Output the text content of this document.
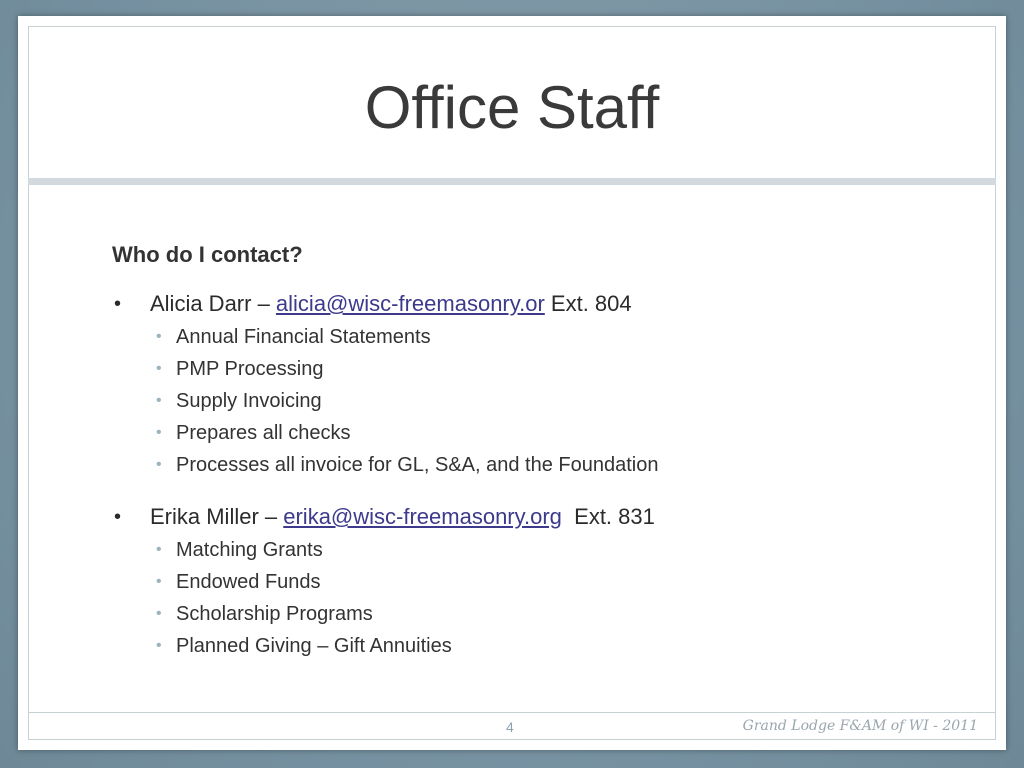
Office Staff
Who do I contact?

• Alicia Darr – alicia@wisc-freemasonry.or Ext. 804

• Annual Financial Statements
• PMP Processing
• Supply Invoicing
• Prepares all checks
• Processes all invoice for GL, S&A, and the Foundation

• Erika Miller – erika@wisc-freemasonry.org  Ext. 831

• Matching Grants
• Endowed Funds
• Scholarship Programs
• Planned Giving – Gift Annuities
4	Grand Lodge F&AM of WI - 2011
